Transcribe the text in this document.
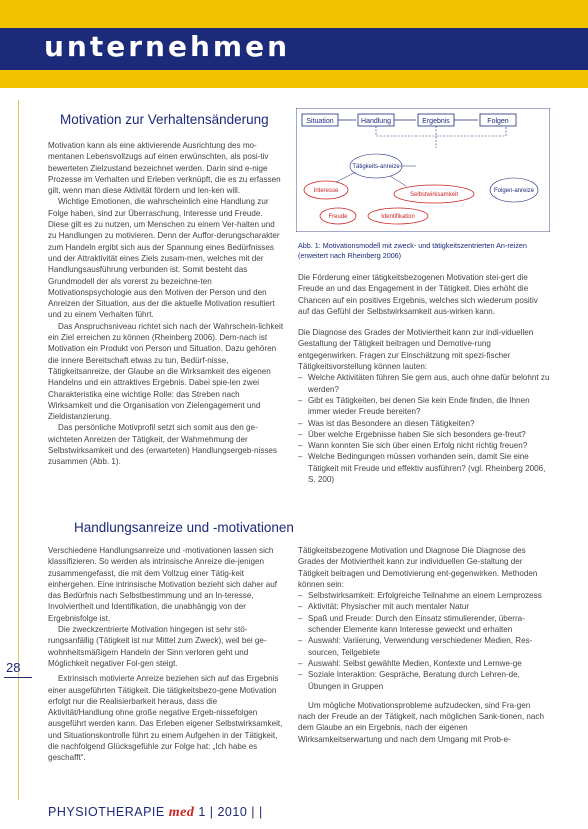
unternehmen
28
Motivation zur Verhaltensänderung

Motivation kann als eine aktivierende Ausrichtung des mo-mentanen Lebensvollzugs auf einen erwünschten, als posi-tiv bewerteten Zielzustand bezeichnet werden. Darin sind e-nige Prozesse im Verhalten und Erleben verknüpft, die es zu erfassen gilt, wenn man diese Aktivität fördern und len-ken will.

Wichtige Emotionen, die wahrscheinlich eine Handlung zur Folge haben, sind zur Überraschung, Interesse und Freude. Diese gilt es zu nutzen, um Menschen zu einem Ver-halten und zu Handlungen zu motivieren. Denn der Auffor-derungscharakter zum Handeln ergibt sich aus der Spannung eines Bedürfnisses und der Attraktivität eines Ziels zusam-men, welches mit der Handlungsausführung verbunden ist. Somit besteht das Grundmodell der als vorerst zu bezeichne-ten Motivationspsychologie aus den Motiven der Person und den Anreizen der Situation, aus der die aktuelle Motivation resultiert und zu einem Verhalten führt.

Das Anspruchsniveau richtet sich nach der Wahrschein-lichkeit ein Ziel erreichen zu können (Rheinberg 2006). Dem-nach ist Motivation ein Produkt von Person und Situation. Dazu gehören die innere Bereitschaft etwas zu tun, Bedürf-nisse, Tätigkeitsanreize, der Glaube an die Wirksamkeit des eigenen Handelns und ein attraktives Ergebnis. Dabei spie-len zwei Charakteristika eine wichtige Rolle: das Streben nach Wirksamkeit und die Organisation von Zielengagement und Zieldistanzierung.

Das persönliche Motivprofil setzt sich somit aus den ge-wichteten Anreizen der Tätigkeit, der Wahrnehmung der Selbstwirksamkeit und des (erwarteten) Handlungsergeb-nisses zusammen (Abb. 1).

Handlungsanreize und -motivationen

Verschiedene Handlungsanreize und -motivationen lassen sich klassifizieren. So werden als intrinsische Anreize die-jenigen zusammengefasst, die mit dem Vollzug einer Tätig-keit einhergehen. Eine intrinsische Motivation bezieht sich daher auf das Bedürfnis nach Selbstbestimmung und an In-teresse, Involviertheit und Identifikation, die unabhängig von der Ergebnisfolge ist.

Die zweckzentrierte Motivation hingegen ist sehr stö-rungsanfällig (Tätigkeit ist nur Mittel zum Zweck), weil bei ge-wohnheitsmäßigem Handeln der Sinn verloren geht und Möglichkeit negativer Fol-gen steigt.

Extrinsisch motivierte Anreize beziehen sich auf das Ergebnis einer ausgeführten Tätigkeit. Die tätigkeitsbezo-gene Motivation erfolgt nur die Realisierbarkeit heraus, dass die Aktivität/Handlung ohne große negative Ergeb-nissefolgen ausgeführt werden kann. Das Erleben eigener Selbstwirksamkeit, und Situationskontrolle führt zu einem Aufgehen in der Tätigkeit, die nachfolgend Glücksgefühle zur Folge hat: „Ich habe es geschafft“.

Situation	Handlung	Ergebnis	Folgen
Tätigkeits-anreize
Interesse
Selbstwirksamkeit
Freude	Identifikation
Folgen-anreize
Abb. 1: Motivationsmodell mit zweck- und tätigkeitszentrierten An-reizen (erweitert nach Rheinberg 2006)

Die Förderung einer tätigkeitsbezogenen Motivation stei-gert die Freude an und das Engagement in der Tätigkeit. Dies erhöht die Chancen auf ein positives Ergebnis, welches sich wiederum positiv auf das Gefühl der Selbstwirksamkeit aus-wirken kann.

Die Diagnose des Grades der Motiviertheit kann zur indi-viduellen Gestaltung der Tätigkeit beitragen und Demotive-rung entgegenwirken. Fragen zur Einschätzung mit spezi-fischer Tätigkeitsvorstellung können lauten:

– Welche Aktivitäten führen Sie gern aus, auch ohne dafür belohnt zu werden?
– Gibt es Tätigkeiten, bei denen Sie kein Ende finden, die Ihnen immer wieder Freude bereiten?
– Was ist das Besondere an diesen Tätigkeiten?
– Über welche Ergebnisse haben Sie sich besonders ge-freut?
– Wann konnten Sie sich über einen Erfolg nicht richtig freuen?
– Welche Bedingungen müssen vorhanden sein, damit Sie eine Tätigkeit mit Freude und effektiv ausführen? (vgl. Rheinberg 2006, S. 200)

Tätigkeitsbezogene Motivation und Diagnose Die Diagnose des Grades der Motiviertheit kann zur individuellen Ge-staltung der Tätigkeit beitragen und Demotivierung ent-gegenwirken. Methoden können sein:

– Selbstwirksamkeit: Erfolgreiche Teilnahme an einem Lernprozess
– Aktivität: Physischer mit auch mentaler Natur
– Spaß und Freude: Durch den Einsatz stimulierender, überra-schender Elemente kann Interesse geweckt und erhalten
– Auswahl: Variierung, Verwendung verschiedener Medien, Res-sourcen, Teilgebiete
– Auswahl: Selbst gewählte Medien, Kontexte und Lernwe-ge
– Soziale Interaktion: Gespräche, Beratung durch Lehren-de, Übungen in Gruppen

Um mögliche Motivationsprobleme aufzudecken, sind Fra-gen nach der Freude an der Tätigkeit, nach möglichen Sank-tionen, nach dem Glaube an ein Ergebnis, nach der eigenen Wirksamkeitserwartung und nach dem Umgang mit Prob-e-

PHYSIOTHERAPIE med 1 | 2010 | |
